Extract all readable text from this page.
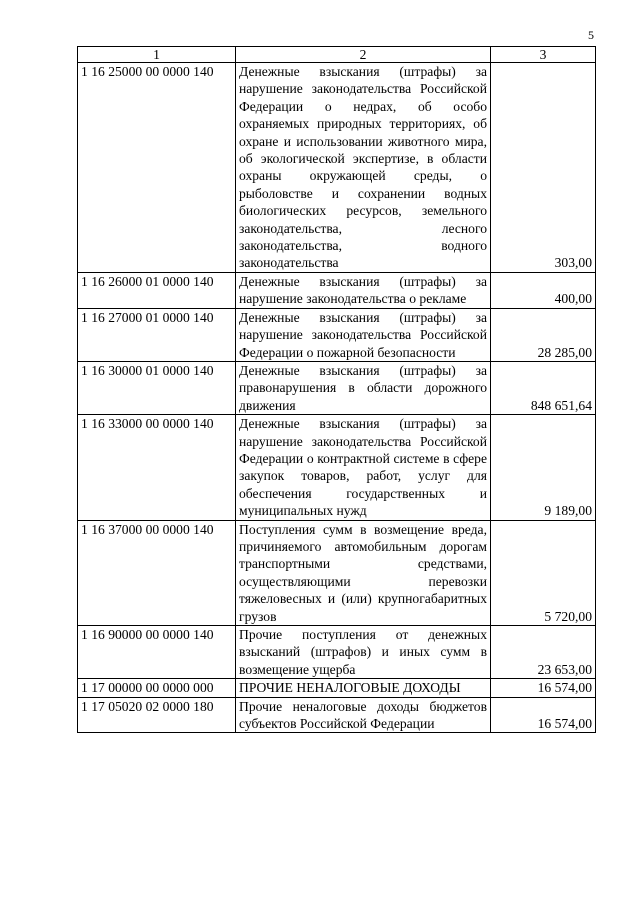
5
1	2	3
1 16 25000 00 0000 140	Денежные взыскания (штрафы) за нарушение законодательства Российской Федерации о недрах, об особо охраняемых природных территориях, об охране и использовании животного мира, об экологической экспертизе, в области охраны окружающей среды, о рыболовстве и сохранении водных биологических ресурсов, земельного законодательства, лесного законодательства, водного законодательства	303,00
1 16 26000 01 0000 140	Денежные взыскания (штрафы) за нарушение законодательства о рекламе	400,00
1 16 27000 01 0000 140	Денежные взыскания (штрафы) за нарушение законодательства Российской Федерации о пожарной безопасности	28 285,00
1 16 30000 01 0000 140	Денежные взыскания (штрафы) за правонарушения в области дорожного движения	848 651,64
1 16 33000 00 0000 140	Денежные взыскания (штрафы) за нарушение законодательства Российской Федерации о контрактной системе в сфере закупок товаров, работ, услуг для обеспечения государственных и муниципальных нужд	9 189,00
1 16 37000 00 0000 140	Поступления сумм в возмещение вреда, причиняемого автомобильным дорогам транспортными средствами, осуществляющими перевозки тяжеловесных и (или) крупногабаритных грузов	5 720,00
1 16 90000 00 0000 140	Прочие поступления от денежных взысканий (штрафов) и иных сумм в возмещение ущерба	23 653,00
1 17 00000 00 0000 000	ПРОЧИЕ НЕНАЛОГОВЫЕ ДОХОДЫ	16 574,00
1 17 05020 02 0000 180	Прочие неналоговые доходы бюджетов субъектов Российской Федерации	16 574,00
